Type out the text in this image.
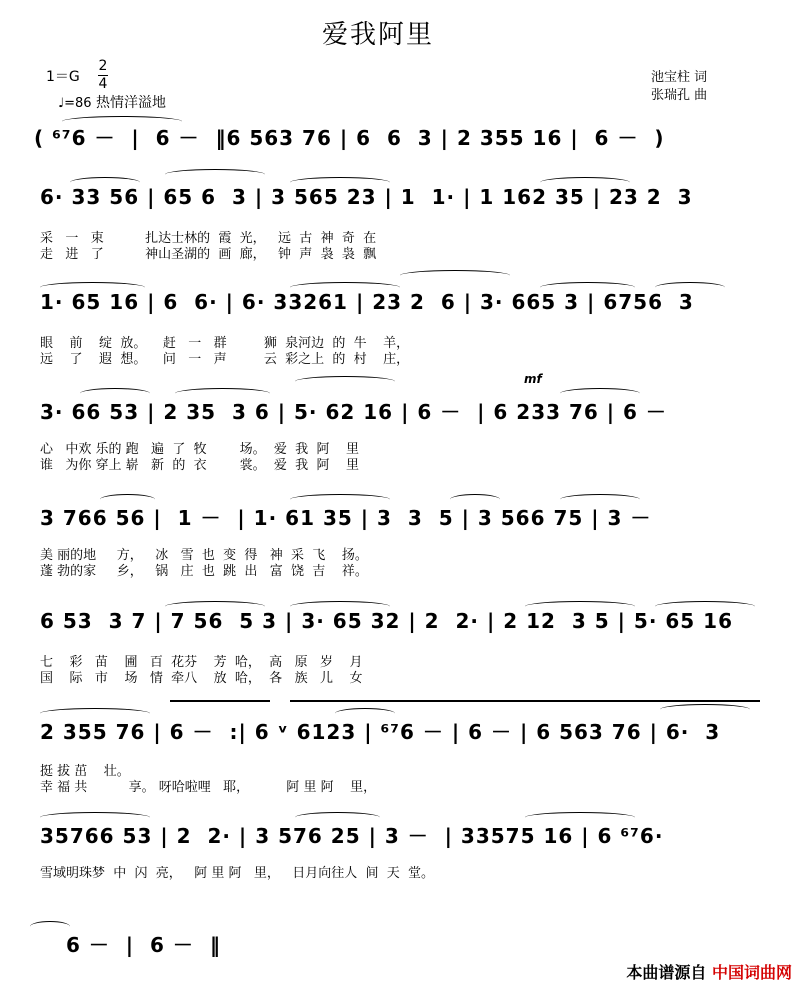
爱我阿里
1＝G
2
4
♩=86 热情洋溢地
池宝柱 词
张瑞孔 曲
( ⁶⁷6 －  |  6 －  ‖6 563 76 | 6  6  3 | 2 355 16 |  6 －  )
6· 33 56 | 65 6  3 | 3 565 23 | 1  1· | 1 162 35 | 23 2  3
采   一   束          扎达士林的  霞  光，   远  古  神  奇  在
走   进   了          神山圣湖的  画  廊，   钟  声  袅  袅  飘
1· 65 16 | 6  6· | 6· 33261 | 23 2  6 | 3· 665 3 | 6756  3
眼    前    绽  放。    赶   一   群         狮  泉河边  的  牛    羊，
远    了    遐  想。    问   一   声         云  彩之上  的  村    庄，
mf
3· 66 53 | 2 35  3 6 | 5· 62 16 | 6 －  | 6 233 76 | 6 －
心   中欢 乐的 跑   遍  了  牧        场。  爱  我  阿    里
谁   为你 穿上 崭   新  的  衣        裳。  爱  我  阿    里
3 766 56 |  1 －  | 1· 61 35 | 3  3  5 | 3 566 75 | 3 －
美 丽的地     方，   冰   雪  也  变  得   神  采  飞    扬。
蓬 勃的家     乡，   锅   庄  也  跳  出   富  饶  吉    祥。
6 53  3 7 | 7 56  5 3 | 3· 65 32 | 2  2· | 2 12  3 5 | 5· 65 16
七    彩   苗    圃   百  花芬    芳  哈，  高   原   岁    月
国    际   市    场   情  牵八    放  哈，  各   族   儿    女
2 355 76 | 6 －  :| 6 ᵛ 6123 | ⁶⁷6 － | 6 － | 6 563 76 | 6·  3
挺 拔 茁    壮。
幸 福 共          享。 呀哈啦哩   耶，         阿 里 阿    里，
35766 53 | 2  2· | 3 576 25 | 3 －  | 33575 16 | 6 ⁶⁷6·
雪域明珠梦  中  闪  亮，   阿 里 阿   里，   日月向往人  间  天  堂。
6 －  |  6 －  ‖
本曲谱源自 中国词曲网
